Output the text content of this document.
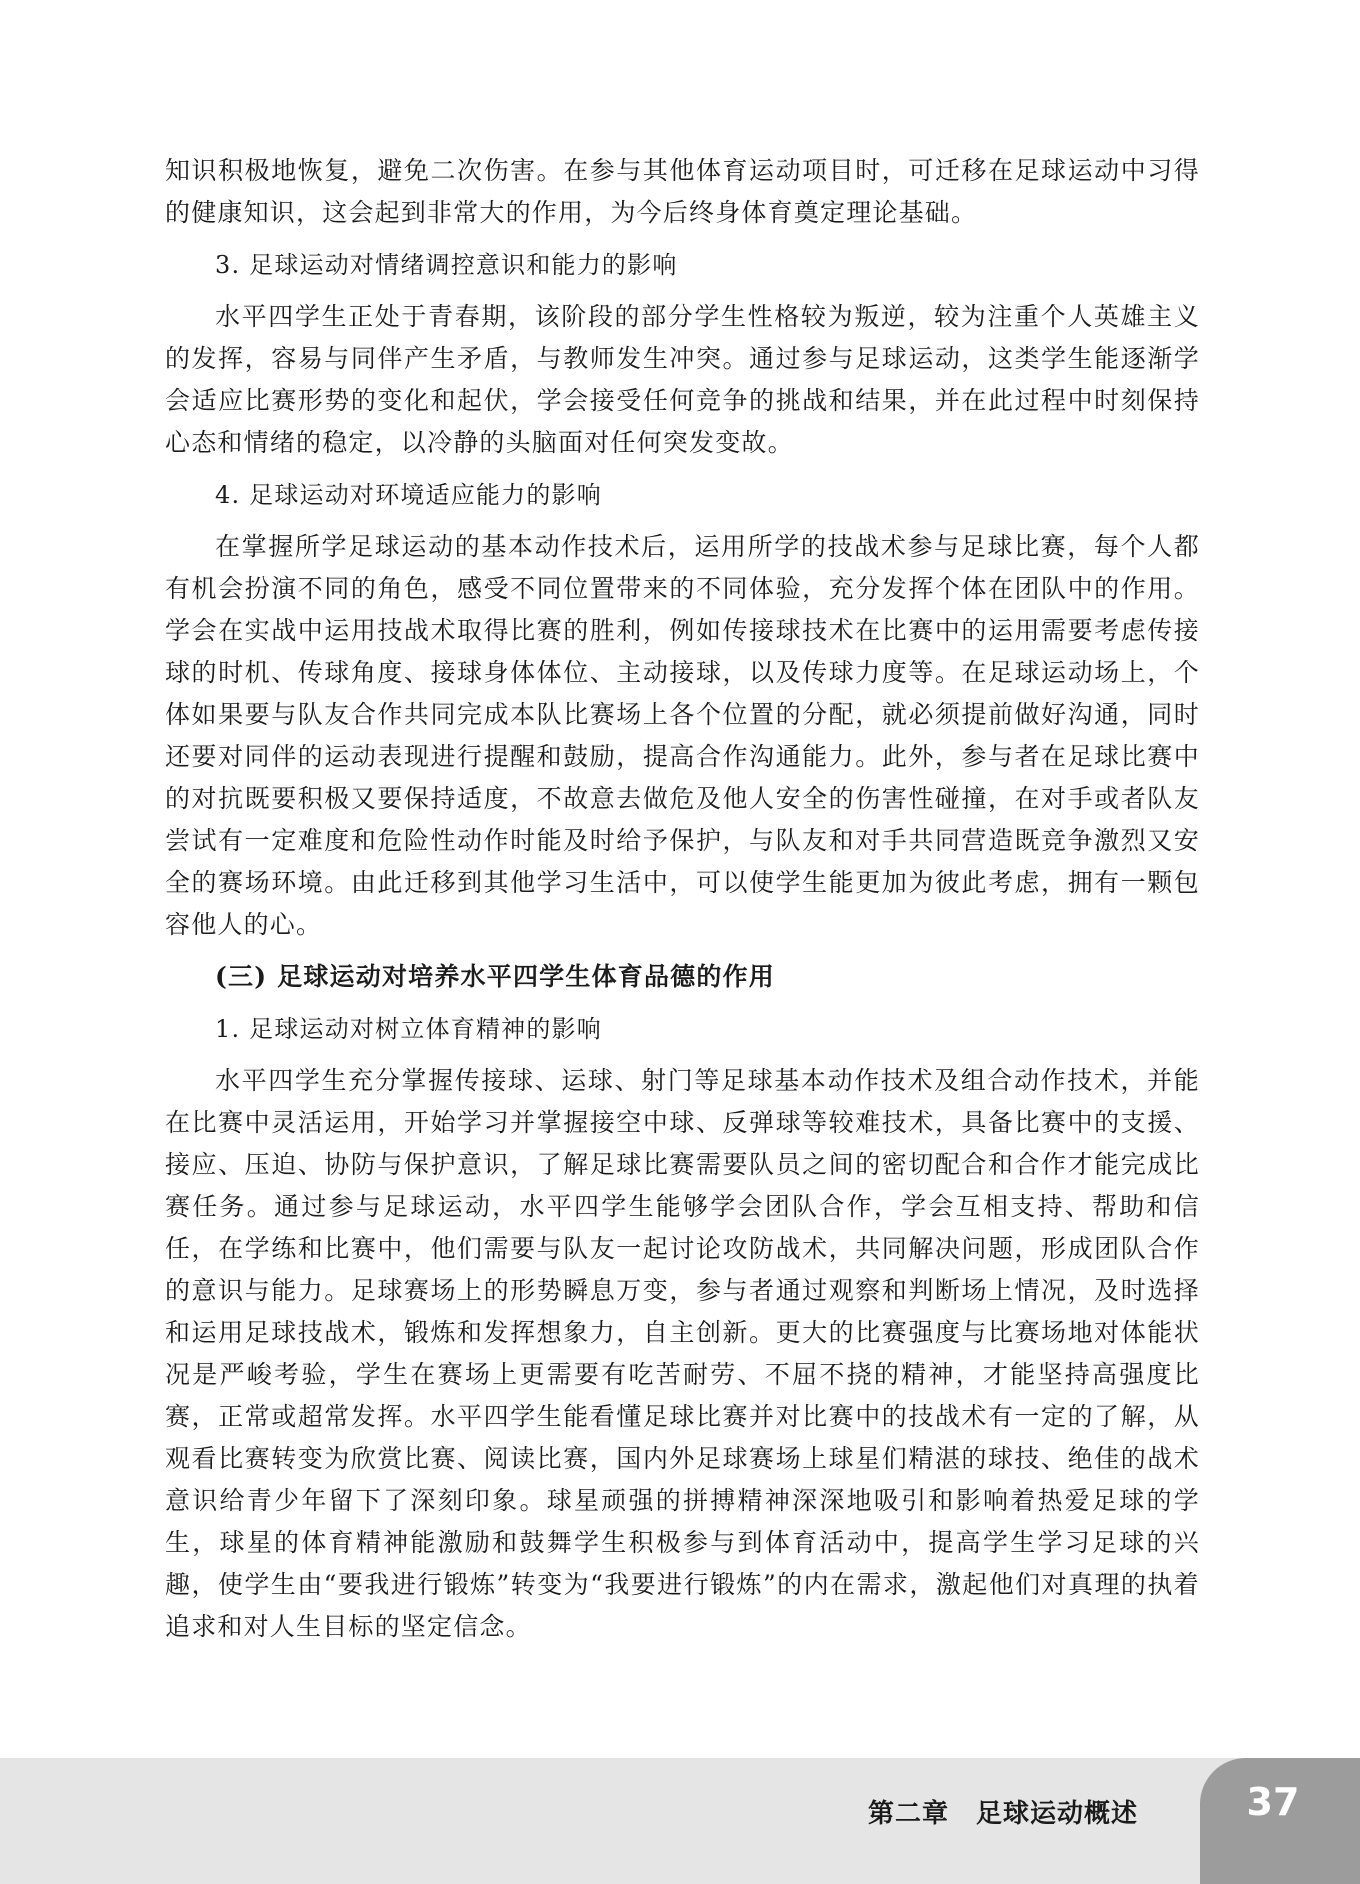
知识积极地恢复，避免二次伤害。在参与其他体育运动项目时，可迁移在足球运动中习得的健康知识，这会起到非常大的作用，为今后终身体育奠定理论基础。

3. 足球运动对情绪调控意识和能力的影响

水平四学生正处于青春期，该阶段的部分学生性格较为叛逆，较为注重个人英雄主义的发挥，容易与同伴产生矛盾，与教师发生冲突。通过参与足球运动，这类学生能逐渐学会适应比赛形势的变化和起伏，学会接受任何竞争的挑战和结果，并在此过程中时刻保持心态和情绪的稳定，以冷静的头脑面对任何突发变故。

4. 足球运动对环境适应能力的影响

在掌握所学足球运动的基本动作技术后，运用所学的技战术参与足球比赛，每个人都有机会扮演不同的角色，感受不同位置带来的不同体验，充分发挥个体在团队中的作用。学会在实战中运用技战术取得比赛的胜利，例如传接球技术在比赛中的运用需要考虑传接球的时机、传球角度、接球身体体位、主动接球，以及传球力度等。在足球运动场上，个体如果要与队友合作共同完成本队比赛场上各个位置的分配，就必须提前做好沟通，同时还要对同伴的运动表现进行提醒和鼓励，提高合作沟通能力。此外，参与者在足球比赛中的对抗既要积极又要保持适度，不故意去做危及他人安全的伤害性碰撞，在对手或者队友尝试有一定难度和危险性动作时能及时给予保护，与队友和对手共同营造既竞争激烈又安全的赛场环境。由此迁移到其他学习生活中，可以使学生能更加为彼此考虑，拥有一颗包容他人的心。

(三) 足球运动对培养水平四学生体育品德的作用
1. 足球运动对树立体育精神的影响

水平四学生充分掌握传接球、运球、射门等足球基本动作技术及组合动作技术，并能在比赛中灵活运用，开始学习并掌握接空中球、反弹球等较难技术，具备比赛中的支援、接应、压迫、协防与保护意识，了解足球比赛需要队员之间的密切配合和合作才能完成比赛任务。通过参与足球运动，水平四学生能够学会团队合作，学会互相支持、帮助和信任，在学练和比赛中，他们需要与队友一起讨论攻防战术，共同解决问题，形成团队合作的意识与能力。足球赛场上的形势瞬息万变，参与者通过观察和判断场上情况，及时选择和运用足球技战术，锻炼和发挥想象力，自主创新。更大的比赛强度与比赛场地对体能状况是严峻考验，学生在赛场上更需要有吃苦耐劳、不屈不挠的精神，才能坚持高强度比赛，正常或超常发挥。水平四学生能看懂足球比赛并对比赛中的技战术有一定的了解，从观看比赛转变为欣赏比赛、阅读比赛，国内外足球赛场上球星们精湛的球技、绝佳的战术意识给青少年留下了深刻印象。球星顽强的拼搏精神深深地吸引和影响着热爱足球的学生，球星的体育精神能激励和鼓舞学生积极参与到体育活动中，提高学生学习足球的兴趣，使学生由“要我进行锻炼”转变为“我要进行锻炼”的内在需求，激起他们对真理的执着追求和对人生目标的坚定信念。

第二章　足球运动概述	37
